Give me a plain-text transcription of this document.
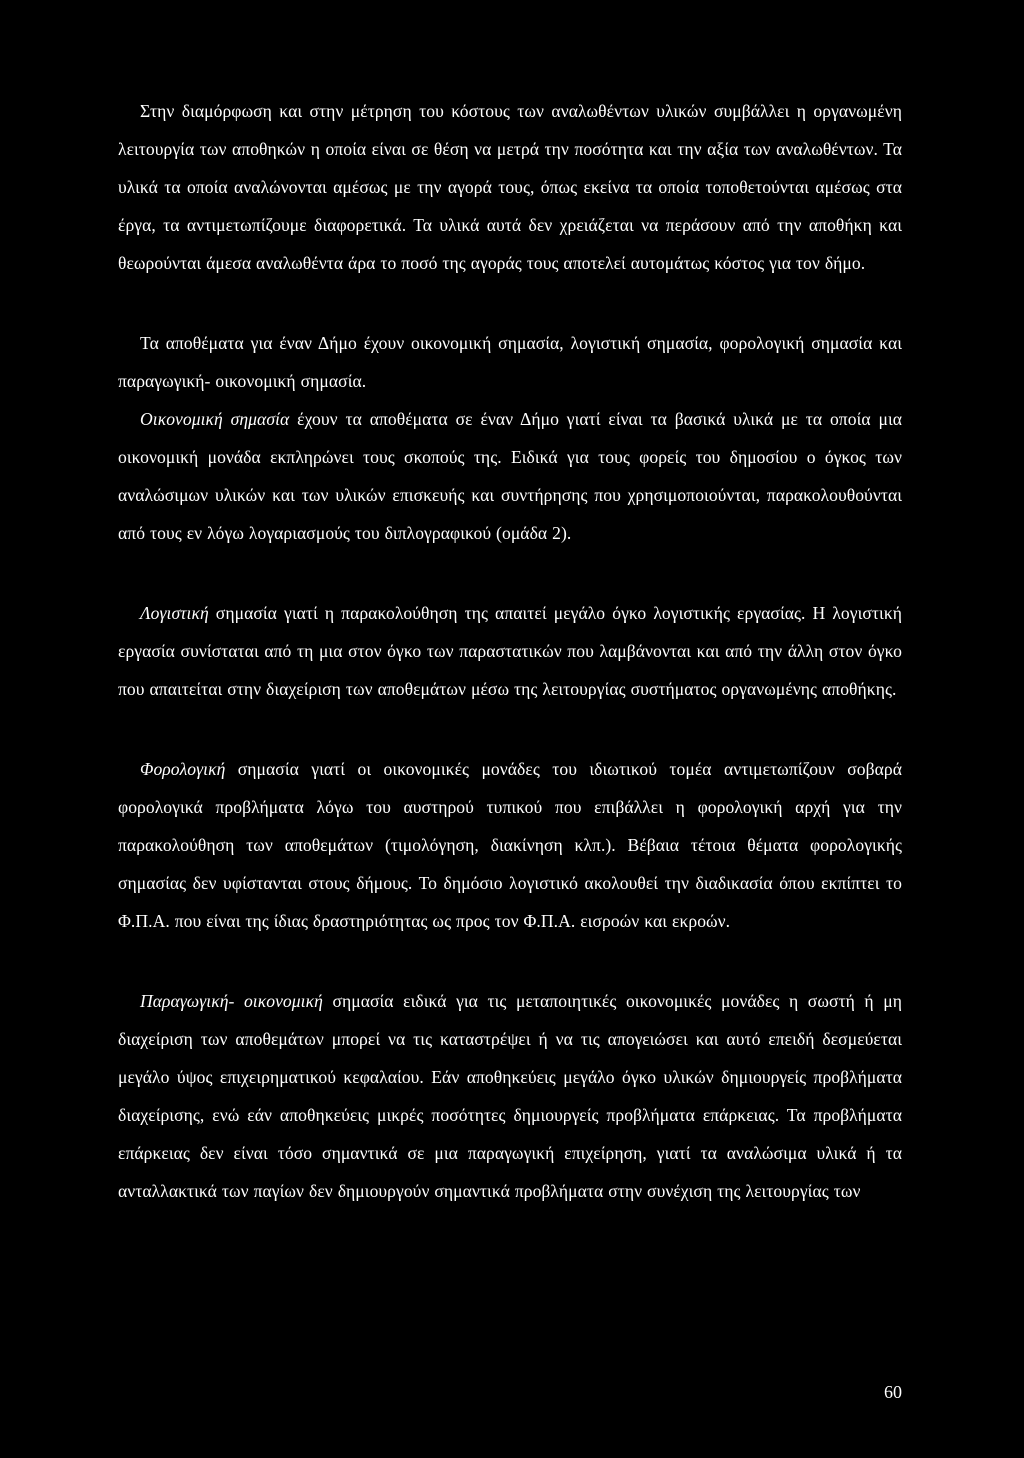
Στην διαμόρφωση και στην μέτρηση του κόστους των αναλωθέντων υλικών συμβάλλει η οργανωμένη λειτουργία των αποθηκών η οποία είναι σε θέση να μετρά την ποσότητα και την αξία των αναλωθέντων. Τα υλικά τα οποία αναλώνονται αμέσως με την αγορά τους, όπως εκείνα τα οποία τοποθετούνται αμέσως στα έργα, τα αντιμετωπίζουμε διαφορετικά. Τα υλικά αυτά δεν χρειάζεται να περάσουν από την αποθήκη και θεωρούνται άμεσα αναλωθέντα άρα το ποσό της αγοράς τους αποτελεί αυτομάτως κόστος για τον δήμο.

Τα αποθέματα για έναν Δήμο έχουν οικονομική σημασία, λογιστική σημασία, φορολογική σημασία και παραγωγική- οικονομική σημασία.

Οικονομική σημασία έχουν τα αποθέματα σε έναν Δήμο γιατί είναι τα βασικά υλικά με τα οποία μια οικονομική μονάδα εκπληρώνει τους σκοπούς της. Ειδικά για τους φορείς του δημοσίου ο όγκος των αναλώσιμων υλικών και των υλικών επισκευής και συντήρησης που χρησιμοποιούνται, παρακολουθούνται από τους εν λόγω λογαριασμούς του διπλογραφικού (ομάδα 2).

Λογιστική σημασία γιατί η παρακολούθηση της απαιτεί μεγάλο όγκο λογιστικής εργασίας. Η λογιστική εργασία συνίσταται από τη μια στον όγκο των παραστατικών που λαμβάνονται και από την άλλη στον όγκο που απαιτείται στην διαχείριση των αποθεμάτων μέσω της λειτουργίας συστήματος οργανωμένης αποθήκης.

Φορολογική σημασία γιατί οι οικονομικές μονάδες του ιδιωτικού τομέα αντιμετωπίζουν σοβαρά φορολογικά προβλήματα λόγω του αυστηρού τυπικού που επιβάλλει η φορολογική αρχή για την παρακολούθηση των αποθεμάτων (τιμολόγηση, διακίνηση κλπ.). Βέβαια τέτοια θέματα φορολογικής σημασίας δεν υφίστανται στους δήμους. Το δημόσιο λογιστικό ακολουθεί την διαδικασία όπου εκπίπτει το Φ.Π.Α. που είναι της ίδιας δραστηριότητας ως προς τον Φ.Π.Α. εισροών και εκροών.

Παραγωγική- οικονομική σημασία ειδικά για τις μεταποιητικές οικονομικές μονάδες η σωστή ή μη διαχείριση των αποθεμάτων μπορεί να τις καταστρέψει ή να τις απογειώσει και αυτό επειδή δεσμεύεται μεγάλο ύψος επιχειρηματικού κεφαλαίου. Εάν αποθηκεύεις μεγάλο όγκο υλικών δημιουργείς προβλήματα διαχείρισης, ενώ εάν αποθηκεύεις μικρές ποσότητες δημιουργείς προβλήματα επάρκειας. Τα προβλήματα επάρκειας δεν είναι τόσο σημαντικά σε μια παραγωγική επιχείρηση, γιατί τα αναλώσιμα υλικά ή τα ανταλλακτικά των παγίων δεν δημιουργούν σημαντικά προβλήματα στην συνέχιση της λειτουργίας των

60
